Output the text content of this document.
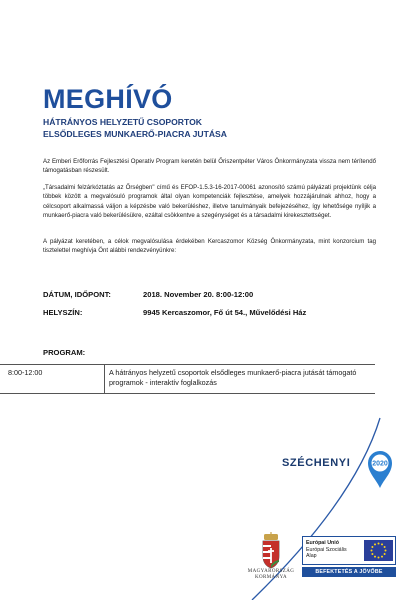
MEGHÍVÓ
HÁTRÁNYOS HELYZETŰ CSOPORTOK
ELSŐDLEGES MUNKAERŐ-PIACRA JUTÁSA

Az Emberi Erőforrás Fejlesztési Operatív Program keretén belül Őriszentpéter Város Önkormányzata vissza nem térítendő támogatásban részesült.

„Társadalmi felzárkóztatás az Őrségben" című és EFOP-1.5.3-16-2017-00061 azonosító számú pályázati projektünk célja többek között a megvalósuló programok által olyan kompetenciák fejlesztése, amelyek hozzájárulnak ahhoz, hogy a célcsoport alkalmassá váljon a képzésbe való bekerüléshez, illetve tanulmányaik befejezéséhez, így lehetősége nyíljik a munkaerő-piacra való bekerülésükre, ezáltal csökkentve a szegénységet és a társadalmi kirekesztettséget.

A pályázat keretében, a célok megvalósulása érdekében Kercaszomor Község Önkormányzata, mint konzorcium tag tisztelettel meghívja Önt alábbi rendezvényünkre:

DÁTUM, IDŐPONT:	2018. November 20. 8:00-12:00
HELYSZÍN:	9945 Kercaszomor, Fő út 54., Művelődési Ház
PROGRAM:
8:00-12:00	A hátrányos helyzetű csoportok elsődleges munkaerő-piacra jutását támogató programok - interaktív foglalkozás
SZÉCHENYI	2020
MAGYARORSZÁG
KORMÁNYA
Európai Unió
Európai Szociális
Alap
BEFEKTETÉS A JÖVŐBE
